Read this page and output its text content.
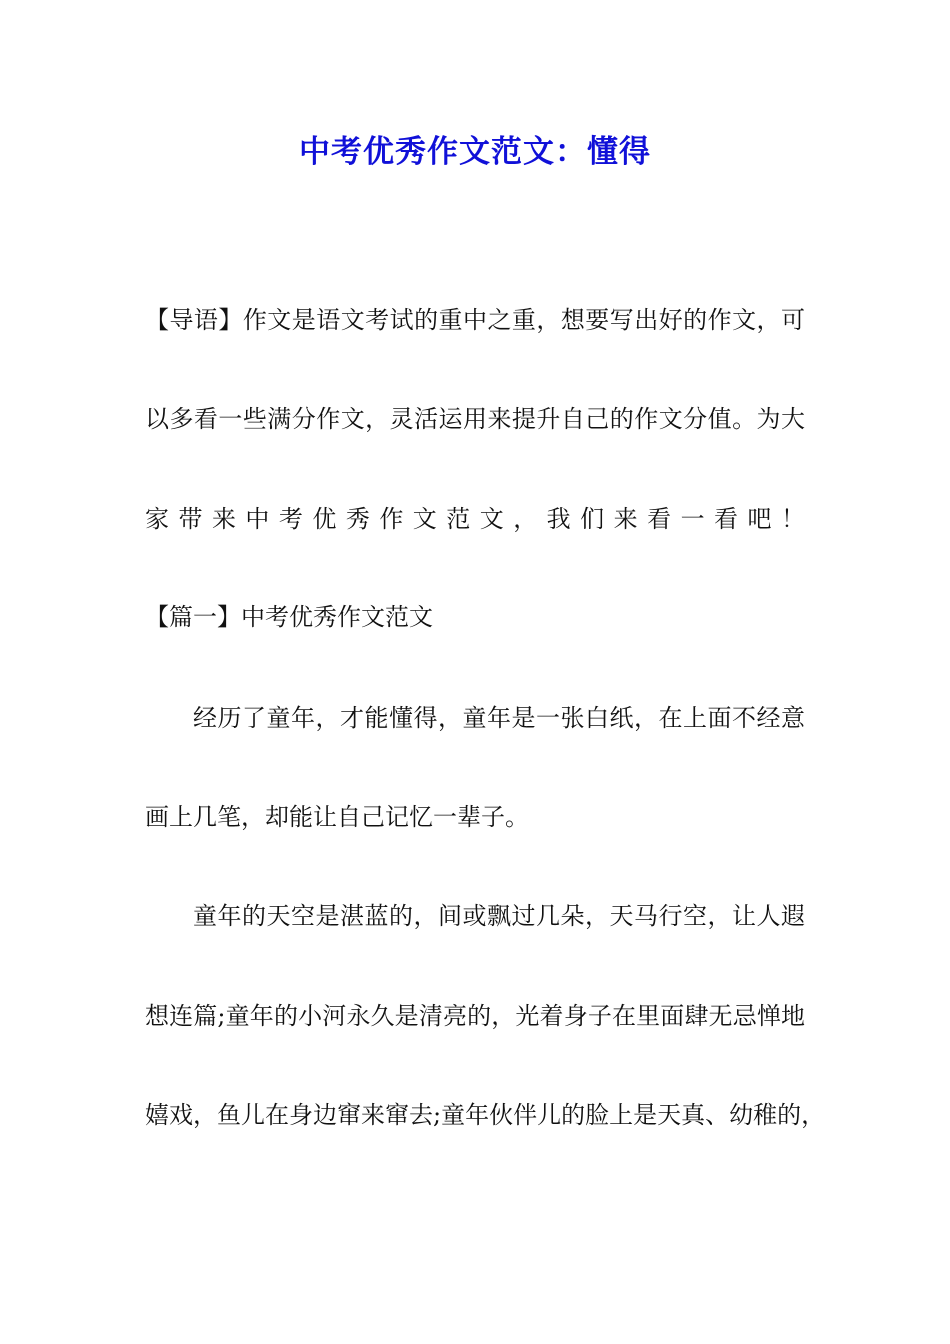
中考优秀作文范文：懂得
【导语】作文是语文考试的重中之重，想要写出好的作文，可
以多看一些满分作文，灵活运用来提升自己的作文分值。为大
家带来中考优秀作文范文，我们来看一看吧！
【篇一】中考优秀作文范文
经历了童年，才能懂得，童年是一张白纸，在上面不经意
画上几笔，却能让自己记忆一辈子。
童年的天空是湛蓝的，间或飘过几朵，天马行空，让人遐
想连篇;童年的小河永久是清亮的，光着身子在里面肆无忌惮地
嬉戏，鱼儿在身边窜来窜去;童年伙伴儿的脸上是天真、幼稚的，
